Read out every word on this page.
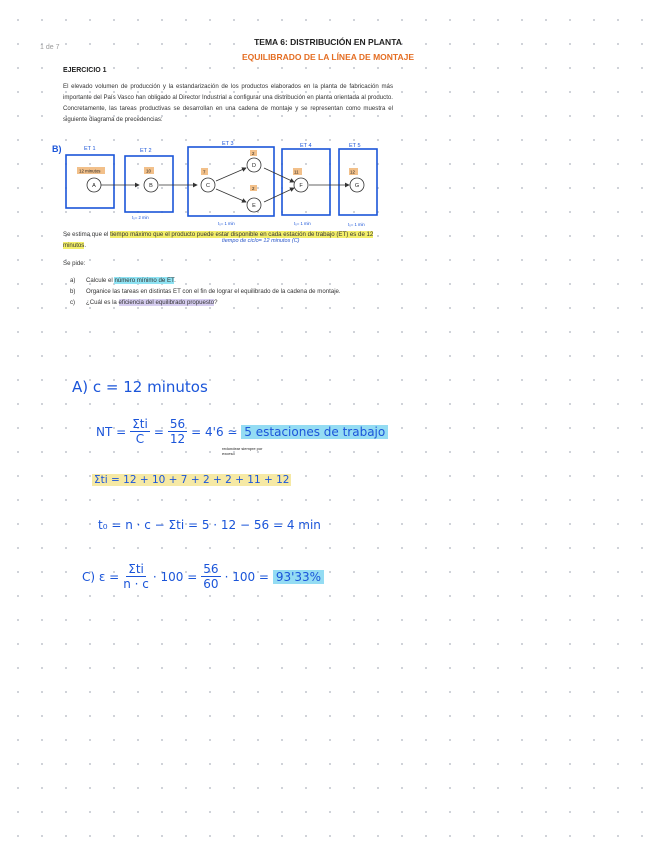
1 de 7
TEMA 6: DISTRIBUCIÓN EN PLANTA
EQUILIBRADO DE LA LÍNEA DE MONTAJE
EJERCICIO 1
El elevado volumen de producción y la estandarización de los productos elaborados en la planta de fabricación más importante del País Vasco han obligado al Director Industrial a configurar una distribución en planta orientada al producto. Concretamente, las tareas productivas se desarrollan en una cadena de montaje y se representan como muestra el siguiente diagrama de precedencias:
B)	ET 1	ET 2
ET 3	ET 4	ET 5
t₀= 2 min
t₀= 1 min	t₀= 1 min	t₀= 1 min
12 minutos	10	7
2
2
11	12
A	B	C
D
E
F	G
Se estima que el tiempo máximo que el producto puede estar disponible en cada estación de trabajo (ET) es de 12 minutos.
tiempo de ciclo= 12 minutos (C)
Se pide:
a) Calcule el número mínimo de ET.
b) Organice las tareas en distintas ET con el fin de lograr el equilibrado de la cadena de montaje.
c) ¿Cuál es la eficiencia del equilibrado propuesto?
A) c = 12 minutos
NT = $\frac{\text{Σti}}{C} = \frac{56}{12} = 4'6$ ≃
5 estaciones de trabajo
redondear siempre por exceso
Σti = 12 + 10 + 7 + 2 + 2 + 11 + 12
t₀ = n · c − Σti = 5 · 12 − 56 = 4 min
C) $\varepsilon = \frac{\text{Σti}}{n \cdot c} \cdot 100 = \frac{56}{60} \cdot 100$ =
93'33%
